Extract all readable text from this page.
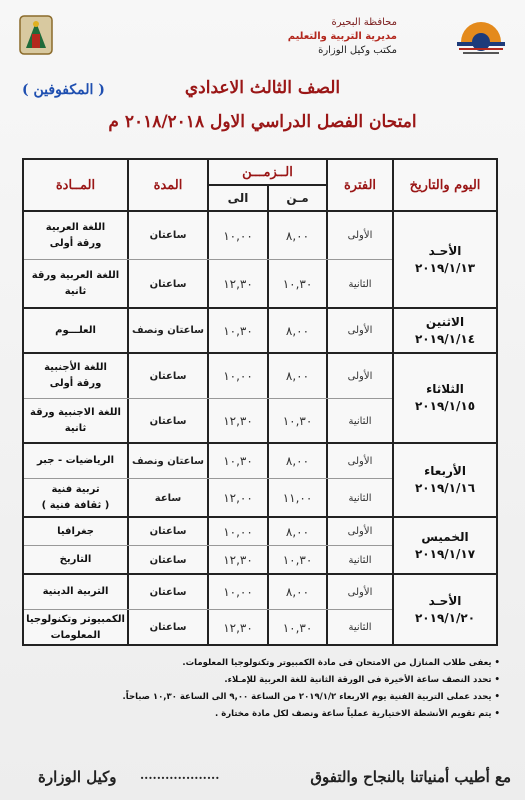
محافظة البحيرة
مديرية التربية والتعليم
مكتب وكيل الوزارة
( المكفوفين )	الصف الثالث الاعدادي
امتحان الفصل الدراسي الاول ٢٠١٨/٢٠١٨ م
اليوم والتاريخ
الفترة
الــزمـــن
مـن
الى
المدة
المــادة
الأحـد
٢٠١٩/١/١٣
الاثنين
٢٠١٩/١/١٤
الثلاثاء
٢٠١٩/١/١٥
الأربعاء
٢٠١٩/١/١٦
الخميس
٢٠١٩/١/١٧
الأحـد
٢٠١٩/١/٢٠
الأولى
٨,٠٠
١٠,٠٠
ساعتان
اللغة العربية
ورقة أولى
الثانية
١٠,٣٠
١٢,٣٠
ساعتان
اللغة العربية ورقة
ثانية
الأولى
٨,٠٠
١٠,٣٠
ساعتان ونصف
العلـــوم
الأولى
٨,٠٠
١٠,٠٠
ساعتان
اللغة الأجنبية
ورقة أولى
الثانية
١٠,٣٠
١٢,٣٠
ساعتان
اللغة الاجنبية ورقة
ثانية
الأولى
٨,٠٠
١٠,٣٠
ساعتان ونصف
الرياضيات - جبر
الثانية
١١,٠٠
١٢,٠٠
ساعة
تربية فنية
( ثقافة فنية )
الأولى
٨,٠٠
١٠,٠٠
ساعتان
جغرافيا
الثانية
١٠,٣٠
١٢,٣٠
ساعتان
التاريخ
الأولى
٨,٠٠
١٠,٠٠
ساعتان
التربية الدينية
الثانية
١٠,٣٠
١٢,٣٠
ساعتان
الكمبيوتر وتكنولوجيا
المعلومات
• يعفى طلاب المنازل من الامتحان فى مادة الكمبيوتر وتكنولوجيا المعلومات.
• تحدد النصف ساعة الأخيرة فى الورقة الثانية للغة العربية للإمـلاء.
• يحدد عملى التربية الفنية يوم الاربعاء ٢٠١٩/١/٢ من الساعة ٩,٠٠ الى الساعة ١٠,٣٠ صباحاً.
• يتم تقويم الأنشطة الاختيارية عملياً ساعة ونصف لكل مادة مختارة .
مع أطيب أمنياتنا بالنجاح والتفوق
...................
وكيل الوزارة
